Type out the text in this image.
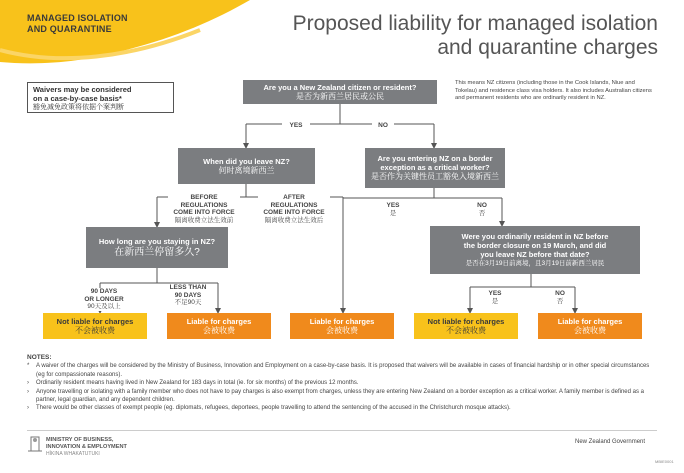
MANAGED ISOLATION
AND QUARANTINE	Proposed liability for managed isolation
and quarantine charges
Waivers may be considered
on a case-by-case basis*
豁免减免政策将依据个案判断
This means NZ citizens (including those in the Cook Islands, Niue and Tokelau) and residence class visa holders. It also includes Australian citizens and permanent residents who are ordinarily resident in NZ.
Are you a New Zealand citizen or resident?
是否为新西兰居民或公民
When did you leave NZ?
何时离境新西兰
Are you entering NZ on a border
exception as a critical worker?
是否作为关键性员工豁免入境新西兰
How long are you staying in NZ?
在新西兰停留多久?
Were you ordinarily resident in NZ before
the border closure on 19 March, and did
you leave NZ before that date?
是否在3月19日前离境，且3月19日前新西兰居民
YES	NO
BEFORE
REGULATIONS
COME INTO FORCE
隔离收费立法生效前
AFTER
REGULATIONS
COME INTO FORCE
隔离收费立法生效后
YES
是
NO
否
90 DAYS
OR LONGER
90天及以上
LESS THAN
90 DAYS
不足90天
YES
是
NO
否
Not liable for charges
不会被收费
Liable for charges
会被收费
Liable for charges
会被收费
Not liable for charges
不会被收费
Liable for charges
会被收费
NOTES:
*	A waiver of the charges will be considered by the Ministry of Business, Innovation and Employment on a case-by-case basis. It is proposed that waivers will be available in cases of financial hardship or in other special circumstances (eg for compassionate reasons).
›	Ordinarily resident means having lived in New Zealand for 183 days in total (ie. for six months) of the previous 12 months.
›	Anyone travelling or isolating with a family member who does not have to pay charges is also exempt from charges, unless they are entering New Zealand on a border exception as a critical worker. A family member is defined as a partner, legal guardian, and any dependent children.
›	There would be other classes of exempt people (eg. diplomats, refugees, deportees, people travelling to attend the sentencing of the accused in the Christchurch mosque attacks).
MINISTRY OF BUSINESS,
INNOVATION & EMPLOYMENT
HĪKINA WHAKATUTUKI
New Zealand Government
MBIE0001
